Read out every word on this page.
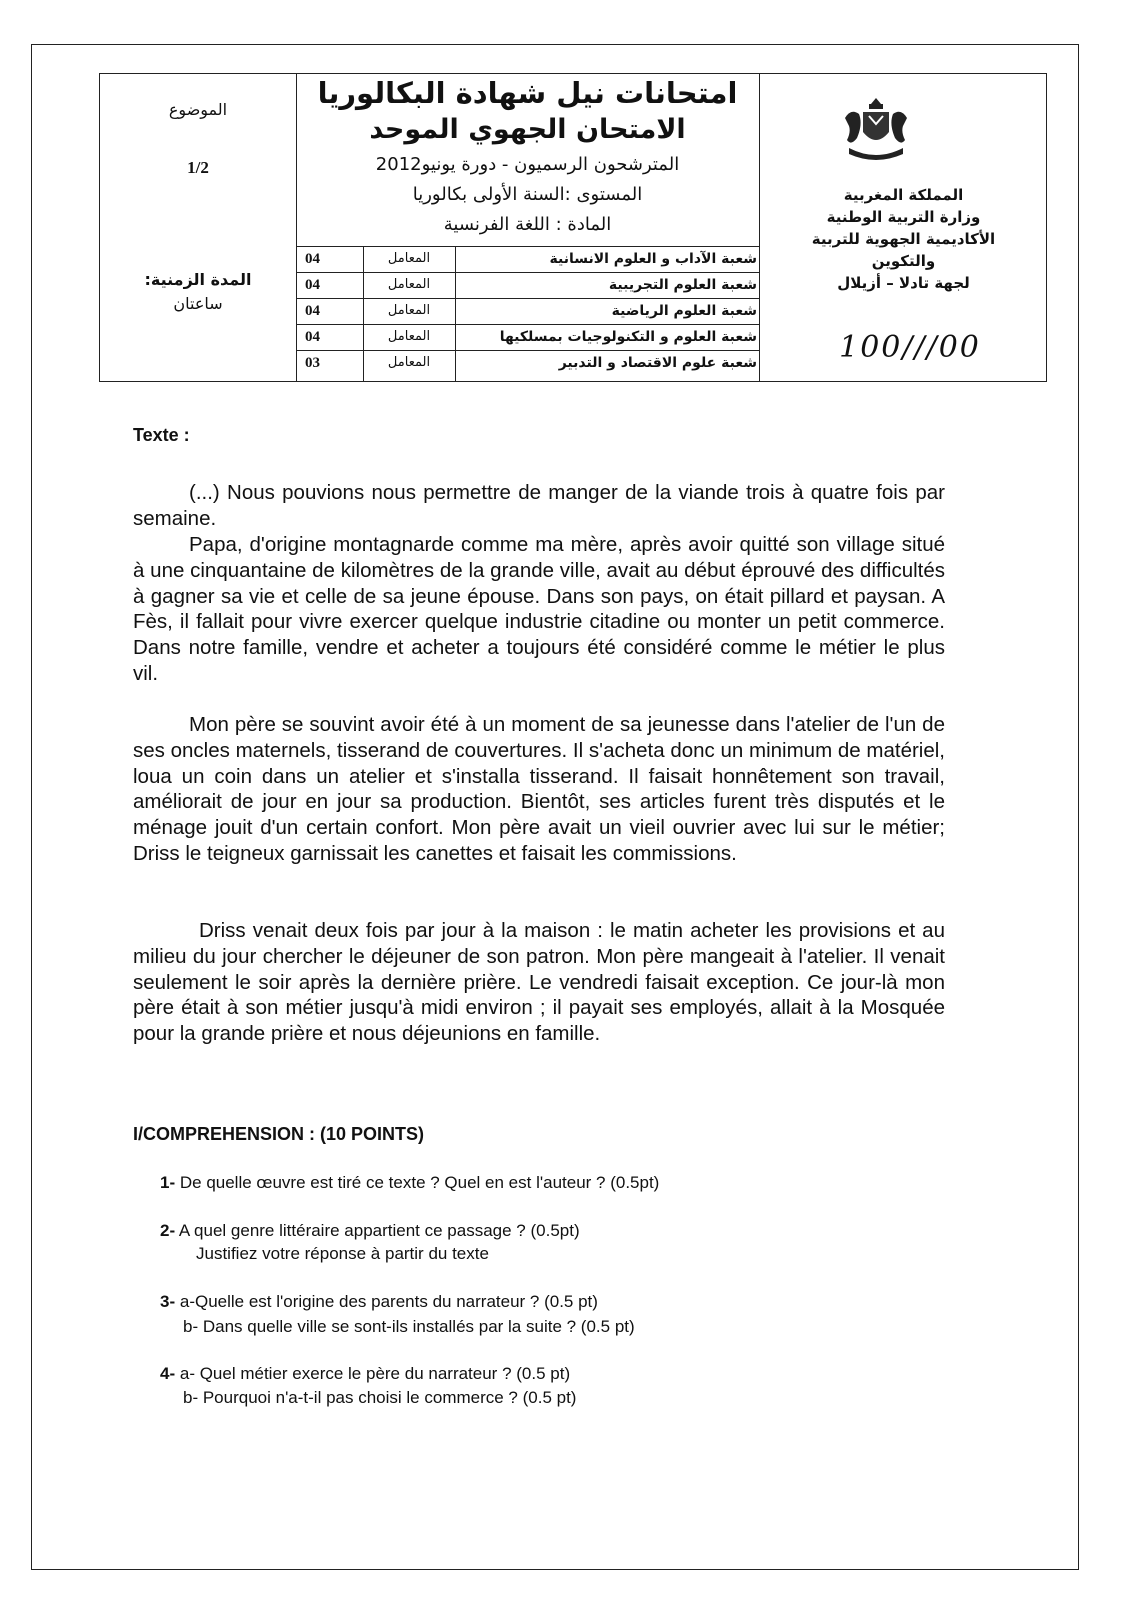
الموضوع
1/2
المدة الزمنية:
ساعتان
امتحانات نيل شهادة البكالوريا
الامتحان الجهوي الموحد
المترشحون الرسميون - دورة يونيو2012
المستوى :السنة الأولى بكالوريا
المادة : اللغة الفرنسية
04	المعامل	شعبة الآداب و العلوم الانسانية
04	المعامل	شعبة العلوم التجريبية
04	المعامل	شعبة العلوم الرياضية
04	المعامل	شعبة العلوم و التكنولوجيات بمسلكيها
03	المعامل	شعبة علوم الاقتصاد و التدبير
المملكة المغربية
وزارة التربية الوطنية
الأكاديمية الجهوية للتربية
والتكوين
لجهة تادلا – أزيلال
100///00
Texte :
(...) Nous pouvions nous permettre de manger de la viande trois à quatre fois par semaine.
Papa, d'origine montagnarde comme ma mère, après avoir quitté son village situé à une cinquantaine de kilomètres de la grande ville, avait au début éprouvé des difficultés à gagner sa vie et celle de sa jeune épouse. Dans son pays, on était pillard et paysan. A Fès, il fallait pour vivre exercer quelque industrie citadine ou monter un petit commerce. Dans notre famille, vendre et acheter a toujours été considéré comme le métier le plus vil.
Mon père se souvint avoir été à un moment de sa jeunesse dans l'atelier de l'un de ses oncles maternels, tisserand de couvertures. Il s'acheta donc un minimum de matériel, loua un coin dans un atelier et s'installa tisserand. Il faisait honnêtement son travail, améliorait de jour en jour sa production. Bientôt, ses articles furent très disputés et le ménage jouit d'un certain confort. Mon père avait un vieil ouvrier avec lui sur le métier; Driss le teigneux garnissait les canettes et faisait les commissions.
Driss venait deux fois par jour à la maison : le matin acheter les provisions et au milieu du jour chercher le déjeuner de son patron. Mon père mangeait à l'atelier. Il venait seulement le soir après la dernière prière. Le vendredi faisait exception. Ce jour-là mon père était à son métier jusqu'à midi environ ; il payait ses employés, allait à la Mosquée pour la grande prière et nous déjeunions en famille.
I/COMPREHENSION : (10 POINTS)
1- De quelle œuvre est tiré ce texte ? Quel en est l'auteur ? (0.5pt)
2- A quel genre littéraire appartient ce passage ? (0.5pt)
Justifiez votre réponse à partir du texte
3- a-Quelle est l'origine des parents du narrateur ? (0.5 pt)
b- Dans quelle ville se sont-ils installés par la suite ? (0.5 pt)
4- a- Quel métier exerce le père du narrateur ? (0.5 pt)
b- Pourquoi n'a-t-il pas choisi le commerce ? (0.5 pt)
